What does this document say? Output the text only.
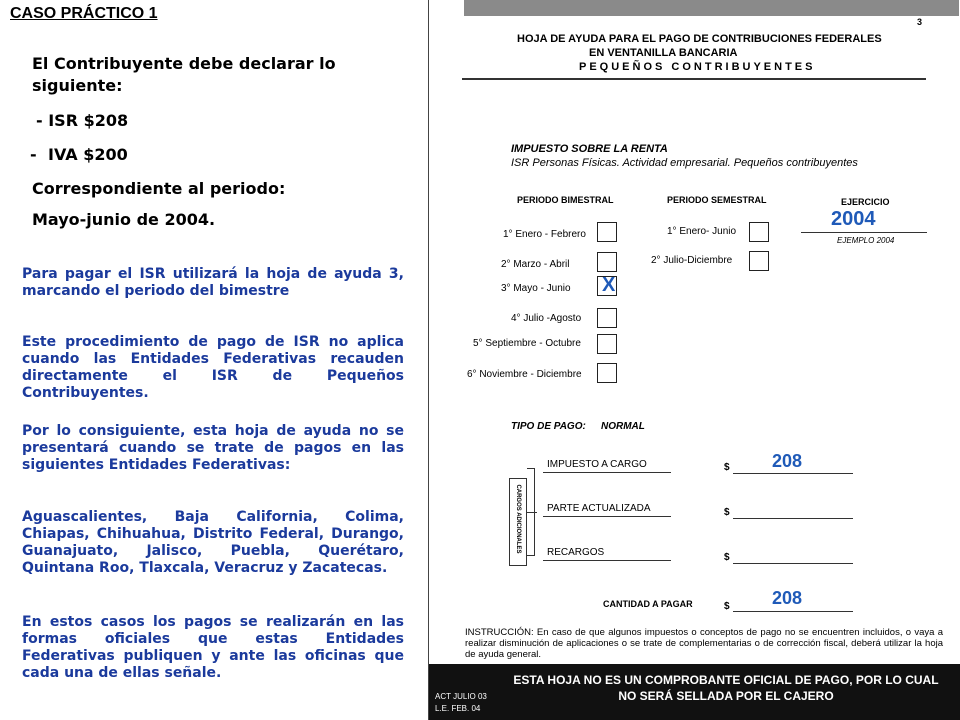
CASO PRÁCTICO 1
El Contribuyente debe declarar lo
siguiente:
- ISR $208
- IVA $200
Correspondiente al periodo:
Mayo-junio de 2004.

Para pagar el ISR utilizará la hoja de ayuda 3, marcando el periodo del bimestre

Este procedimiento de pago de ISR no aplica cuando las Entidades Federativas recauden directamente el ISR de Pequeños Contribuyentes.

Por lo consiguiente, esta hoja de ayuda no se presentará cuando se trate de pagos en las siguientes Entidades Federativas:

Aguascalientes, Baja California, Colima, Chiapas, Chihuahua, Distrito Federal, Durango, Guanajuato, Jalisco, Puebla, Querétaro, Quintana Roo, Tlaxcala, Veracruz y Zacatecas.

En estos casos los pagos se realizarán en las formas oficiales que estas Entidades Federativas publiquen y ante las oficinas que cada una de ellas señale.

3
HOJA DE AYUDA PARA EL PAGO DE CONTRIBUCIONES FEDERALES
EN VENTANILLA BANCARIA
PEQUEÑOS CONTRIBUYENTES
IMPUESTO SOBRE LA RENTA
ISR Personas Físicas. Actividad empresarial. Pequeños contribuyentes
PERIODO BIMESTRAL	PERIODO SEMESTRAL	EJERCICIO
2004
EJEMPLO 2004
1° Enero - Febrero
2° Marzo - Abril
3° Mayo - Junio X
4° Julio -Agosto
5° Septiembre - Octubre
6° Noviembre - Diciembre
1° Enero- Junio
2° Julio-Diciembre
TIPO DE PAGO: NORMAL
CARGOS ADICIONALES
IMPUESTO A CARGO	$ 208
PARTE ACTUALIZADA	$
RECARGOS	$
CANTIDAD A PAGAR	$ 208
INSTRUCCIÓN: En caso de que algunos impuestos o conceptos de pago no se encuentren incluidos, o vaya a realizar disminución de aplicaciones o se trate de complementarias o de corrección fiscal, deberá utilizar la hoja de ayuda general.
ACT JULIO 03
L.E. FEB. 04
ESTA HOJA NO ES UN COMPROBANTE OFICIAL DE PAGO, POR LO CUAL
NO SERÁ SELLADA POR EL CAJERO
